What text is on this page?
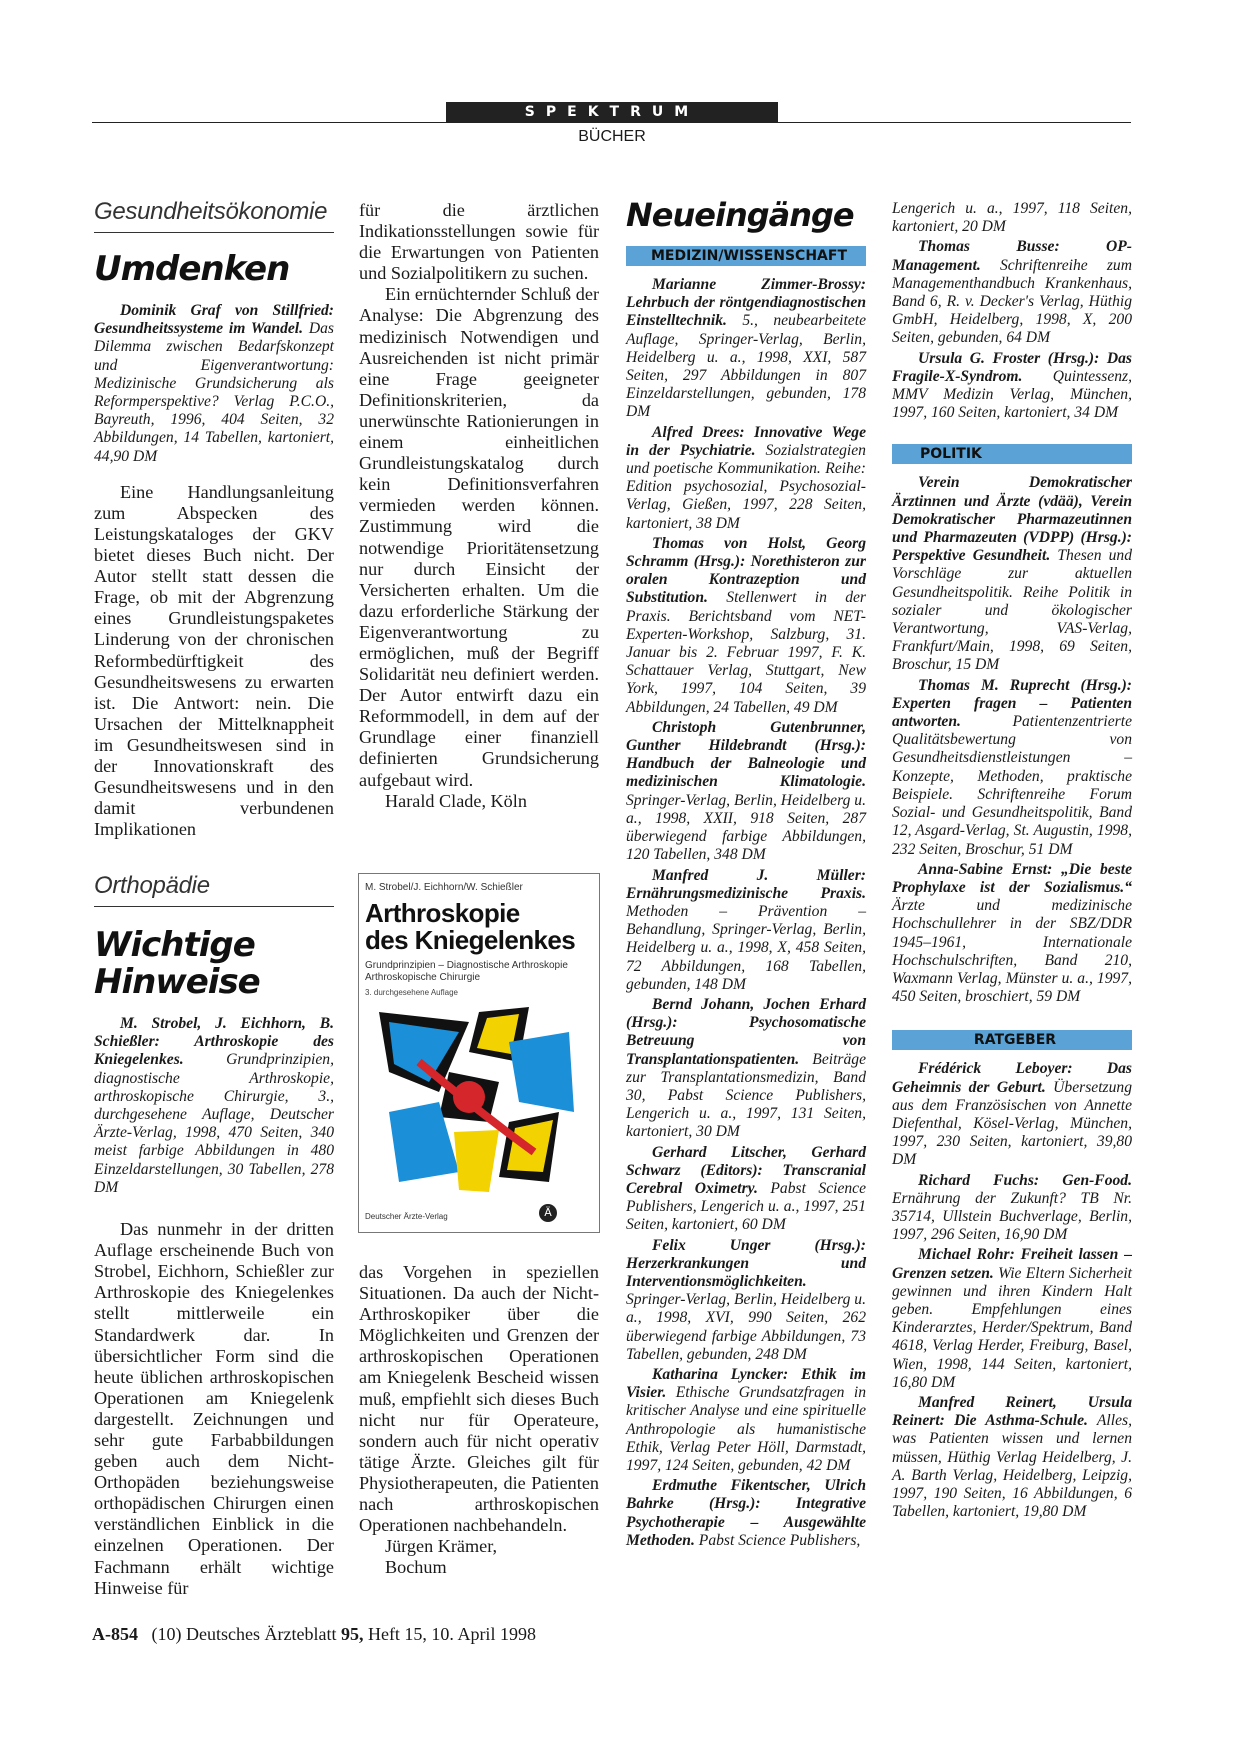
SPEKTRUM
BÜCHER
Gesundheitsökonomie
Umdenken

Dominik Graf von Stillfried: Gesundheitssysteme im Wandel. Das Dilemma zwischen Bedarfskonzept und Eigenverantwortung: Medizinische Grundsicherung als Reformperspektive? Verlag P.C.O., Bayreuth, 1996, 404 Seiten, 32 Abbildungen, 14 Tabellen, kartoniert, 44,90 DM

Eine Handlungsanleitung zum Abspecken des Leistungskataloges der GKV bietet dieses Buch nicht. Der Autor stellt statt dessen die Frage, ob mit der Abgrenzung eines Grundleistungspaketes Linderung von der chronischen Reformbedürftigkeit des Gesundheitswesens zu erwarten ist. Die Antwort: nein. Die Ursachen der Mittelknappheit im Gesundheitswesen sind in der Innovationskraft des Gesundheitswesens und in den damit verbundenen Implikationen

für die ärztlichen Indikationsstellungen sowie für die Erwartungen von Patienten und Sozialpolitikern zu suchen.

Ein ernüchternder Schluß der Analyse: Die Abgrenzung des medizinisch Notwendigen und Ausreichenden ist nicht primär eine Frage geeigneter Definitionskriterien, da unerwünschte Rationierungen in einem einheitlichen Grundleistungskatalog durch kein Definitionsverfahren vermieden werden können. Zustimmung wird die notwendige Prioritätensetzung nur durch Einsicht der Versicherten erhalten. Um die dazu erforderliche Stärkung der Eigenverantwortung zu ermöglichen, muß der Begriff Solidarität neu definiert werden. Der Autor entwirft dazu ein Reformmodell, in dem auf der Grundlage einer finanziell definierten Grundsicherung aufgebaut wird.

Harald Clade, Köln

Orthopädie
Wichtige
Hinweise

M. Strobel, J. Eichhorn, B. Schießler: Arthroskopie des Kniegelenkes.	Grundprinzipien, diagnostische Arthroskopie, arthroskopische Chirurgie, 3., durchgesehene Auflage, Deutscher Ärzte-Verlag, 1998, 470 Seiten, 340 meist farbige Abbildungen in 480 Einzeldarstellungen, 30 Tabellen, 278 DM

Das nunmehr in der dritten Auflage erscheinende Buch von Strobel, Eichhorn, Schießler zur Arthroskopie des Kniegelenkes stellt mittlerweile ein Standardwerk dar. In übersichtlicher Form sind die heute üblichen arthroskopischen Operationen am Kniegelenk dargestellt. Zeichnungen und sehr gute Farbabbildungen geben auch dem Nicht-Orthopäden beziehungsweise orthopädischen Chirurgen einen verständlichen Einblick in die einzelnen Operationen. Der Fachmann erhält wichtige Hinweise für

M. Strobel/J. Eichhorn/W. Schießler
Arthroskopie
des Kniegelenkes
Grundprinzipien – Diagnostische Arthroskopie
Arthroskopische Chirurgie
3. durchgesehene Auflage
Deutscher Ärzte-Verlag	Ä

das Vorgehen in speziellen Situationen. Da auch der Nicht-Arthroskopiker über die Möglichkeiten und Grenzen der arthroskopischen Operationen am Kniegelenk Bescheid wissen muß, empfiehlt sich dieses Buch nicht nur für Operateure, sondern auch für nicht operativ tätige Ärzte. Gleiches gilt für Physiotherapeuten, die Patienten nach arthroskopischen Operationen nachbehandeln.

Jürgen Krämer,

Bochum

Neueingänge
MEDIZIN/WISSENSCHAFT

Marianne Zimmer-Brossy: Lehrbuch der röntgendiagnostischen Einstelltechnik. 5., neubearbeitete Auflage, Springer-Verlag, Berlin, Heidelberg u. a., 1998, XXI, 587 Seiten, 297 Abbildungen in 807 Einzeldarstellungen, gebunden, 178 DM

Alfred Drees: Innovative Wege in der Psychiatrie. Sozialstrategien und poetische Kommunikation. Reihe: Edition psychosozial, Psychosozial-Verlag, Gießen, 1997, 228 Seiten, kartoniert, 38 DM

Thomas von Holst, Georg Schramm (Hrsg.): Norethisteron zur oralen Kontrazeption und Substitution. Stellenwert in der Praxis. Berichtsband vom NET-Experten-Workshop, Salzburg, 31. Januar bis 2. Februar 1997, F. K. Schattauer Verlag, Stuttgart, New York, 1997, 104 Seiten, 39 Abbildungen, 24 Tabellen, 49 DM

Christoph Gutenbrunner, Gunther Hildebrandt (Hrsg.): Handbuch der Balneologie und medizinischen Klimatologie. Springer-Verlag, Berlin, Heidelberg u. a., 1998, XXII, 918 Seiten, 287 überwiegend farbige Abbildungen, 120 Tabellen, 348 DM

Manfred J. Müller: Ernährungsmedizinische Praxis. Methoden – Prävention – Behandlung, Springer-Verlag, Berlin, Heidelberg u. a., 1998, X, 458 Seiten, 72 Abbildungen, 168 Tabellen, gebunden, 148 DM

Bernd Johann, Jochen Erhard (Hrsg.): Psychosomatische Betreuung von Transplantationspatienten. Beiträge zur Transplantationsmedizin, Band 30, Pabst Science Publishers, Lengerich u. a., 1997, 131 Seiten, kartoniert, 30 DM

Gerhard Litscher, Gerhard Schwarz (Editors): Transcranial Cerebral Oximetry. Pabst Science Publishers, Lengerich u. a., 1997, 251 Seiten, kartoniert, 60 DM

Felix Unger (Hrsg.): Herzerkrankungen und Interventionsmöglichkeiten. Springer-Verlag, Berlin, Heidelberg u. a., 1998, XVI, 990 Seiten, 262 überwiegend farbige Abbildungen, 73 Tabellen, gebunden, 248 DM

Katharina Lyncker: Ethik im Visier. Ethische Grundsatzfragen in kritischer Analyse und eine spirituelle Anthropologie als humanistische Ethik, Verlag Peter Höll, Darmstadt, 1997, 124 Seiten, gebunden, 42 DM

Erdmuthe Fikentscher, Ulrich Bahrke (Hrsg.): Integrative Psychotherapie – Ausgewählte Methoden. Pabst Science Publishers,

Lengerich u. a., 1997, 118 Seiten, kartoniert, 20 DM

Thomas Busse: OP-Management. Schriftenreihe zum Managementhandbuch Krankenhaus, Band 6, R. v. Decker's Verlag, Hüthig GmbH, Heidelberg, 1998, X, 200 Seiten, gebunden, 64 DM

Ursula G. Froster (Hrsg.): Das Fragile-X-Syndrom. Quintessenz, MMV Medizin Verlag, München, 1997, 160 Seiten, kartoniert, 34 DM

POLITIK

Verein Demokratischer Ärztinnen und Ärzte (vdää), Verein Demokratischer Pharmazeutinnen und Pharmazeuten (VDPP) (Hrsg.): Perspektive Gesundheit. Thesen und Vorschläge zur aktuellen Gesundheitspolitik. Reihe Politik in sozialer und ökologischer Verantwortung, VAS-Verlag, Frankfurt/Main, 1998, 69 Seiten, Broschur, 15 DM

Thomas M. Ruprecht (Hrsg.): Experten fragen – Patienten antworten.	Patientenzentrierte Qualitätsbewertung von Gesundheitsdienstleistungen – Konzepte, Methoden, praktische Beispiele. Schriftenreihe Forum Sozial- und Gesundheitspolitik, Band 12, Asgard-Verlag, St. Augustin, 1998, 232 Seiten, Broschur, 51 DM

Anna-Sabine Ernst: „Die beste Prophylaxe ist der Sozialismus.“ Ärzte und medizinische Hochschullehrer in der SBZ/DDR 1945–1961, Internationale Hochschulschriften, Band 210, Waxmann Verlag, Münster u. a., 1997, 450 Seiten, broschiert, 59 DM

RATGEBER

Frédérick Leboyer: Das Geheimnis der Geburt. Übersetzung aus dem Französischen von Annette Diefenthal, Kösel-Verlag, München, 1997, 230 Seiten, kartoniert, 39,80 DM

Richard Fuchs: Gen-Food. Ernährung der Zukunft? TB Nr. 35714, Ullstein Buchverlage, Berlin, 1997, 296 Seiten, 16,90 DM

Michael Rohr: Freiheit lassen – Grenzen setzen. Wie Eltern Sicherheit gewinnen und ihren Kindern Halt geben. Empfehlungen eines Kinderarztes, Herder/Spektrum, Band 4618, Verlag Herder, Freiburg, Basel, Wien, 1998, 144 Seiten, kartoniert, 16,80 DM

Manfred Reinert, Ursula Reinert: Die Asthma-Schule. Alles, was Patienten wissen und lernen müssen, Hüthig Verlag Heidelberg, J. A. Barth Verlag, Heidelberg, Leipzig, 1997, 190 Seiten, 16 Abbildungen, 6 Tabellen, kartoniert, 19,80 DM

A-854 (10) Deutsches Ärzteblatt 95, Heft 15, 10. April 1998
